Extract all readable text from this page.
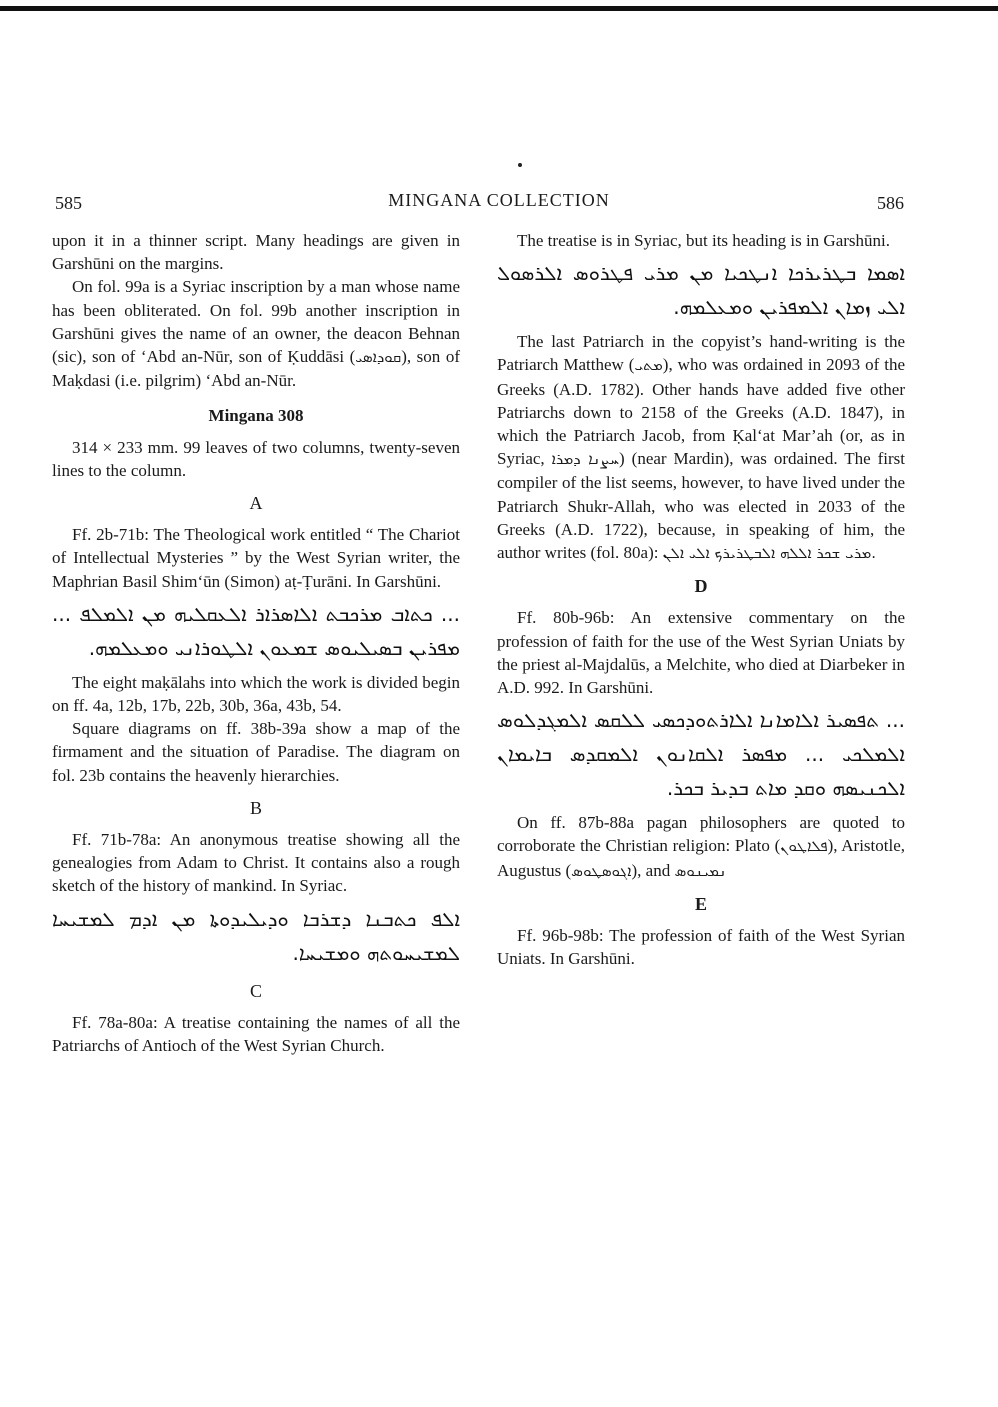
585	MINGANA COLLECTION	586

upon it in a thinner script. Many headings are given in Garshūni on the margins.

On fol. 99a is a Syriac inscription by a man whose name has been obliterated. On fol. 99b another inscription in Garshūni gives the name of an owner, the deacon Behnan (sic), son of ‘Abd an-Nūr, son of Ḳuddāsi (ܩܘܕܐܣܝ), son of Maḳdasi (i.e. pilgrim) ‘Abd an-Nūr.

Mingana 308

314 × 233 mm. 99 leaves of two columns, twenty-seven lines to the column.

A

Ff. 2b-71b: The Theological work entitled “ The Chariot of Intellectual Mysteries ” by the West Syrian writer, the Maphrian Basil Shim‘ūn (Simon) aṭ-Ṭurāni. In Garshūni.

... ܟܬܐܒ ܡܪܟܒܬ ܐܠܐܣܪܐܪ ܐܠܥܩܠܝܗ ܡܢ ܐܠܡܠܦ ... ܡܦܪܝܢ ܒܣܝܠܝܘܣ ܫܡܥܘܢ ܐܠܛܘܪܐܢܝ ܘܡܥܠܡܗ.

The eight maḳālahs into which the work is divided begin on ff. 4a, 12b, 17b, 22b, 30b, 36a, 43b, 54.

Square diagrams on ff. 38b-39a show a map of the firmament and the situation of Paradise. The diagram on fol. 23b contains the heavenly hierarchies.

B

Ff. 71b-78a: An anonymous treatise showing all the genealogies from Adam to Christ. It contains also a rough sketch of the history of mankind. In Syriac.

ܐܠܦ ܟܬܒܢܐ ܕܫܪܒܐ ܘܕܝܠܝܕܘܬܐ ܡܢ ܐܕܡ ܠܡܫܝܚܐ ܠܡܫܝܚܘܬܗ ܘܡܫܝܚܐ.
C

Ff. 78a-80a: A treatise containing the names of all the Patriarchs of Antioch of the West Syrian Church.

The treatise is in Syriac, but its heading is in Garshūni.

ܐܣܡܐ ܒܛܪܝܪܟܐ ܐܢܛܟܝܐ ܡܢ ܡܪܝ ܦܛܪܘܣ ܐܠܪܣܘܠ ܐܠܝ ܙܡܐܢ ܐܠܡܦܪܝܢ ܘܡܥܠܡܗ.

The last Patriarch in the copyist’s hand-writing is the Patriarch Matthew (ܡܬܝ), who was ordained in 2093 of the Greeks (A.D. 1782). Other hands have added five other Patriarchs down to 2158 of the Greeks (A.D. 1847), in which the Patriarch Jacob, from Ḳal‘at Mar’ah (or, as in Syriac, ܚܨܢܐ ܕܡܪܐ) (near Mardin), was ordained. The first compiler of the list seems, however, to have lived under the Patriarch Shukr-Allah, who was elected in 2033 of the Greeks (A.D. 1722), because, in speaking of him, the author writes (fol. 80a): ܡܪܝ ܫܟܪ ܐܠܠܗ ܐܠܒܛܪܝܪܟ ܐܠܝ ܐܠܢ.

D

Ff. 80b-96b: An extensive commentary on the profession of faith for the use of the West Syrian Uniats by the priest al-Majdalūs, a Melchite, who died at Diarbeker in A.D. 992. In Garshūni.

... ܬܦܣܝܪ ܐܠܐܡܐܢܐ ܐܠܐܪܬܘܕܟܣܝ ܠܠܩܣ ܐܠܡܓܕܠܘܣ ܐܠܡܠܟܝ ... ܡܦܣܪ ܐܠܩܐܢܘܢ ܐܠܡܩܕܣ ܒܐܝܡܐܢ ܐܠܟܢܝܣܗ ܘܩܕ ܡܐܬ ܒܕܝܪ ܒܟܪ.

On ff. 87b-88a pagan philosophers are quoted to corroborate the Christian religion: Plato (ܦܠܐܛܘܢ), Aristotle, Augustus (ܐܓܘܣܛܘܣ), and ܢܡܝܢܘܣ

E

Ff. 96b-98b: The profession of faith of the West Syrian Uniats. In Garshūni.
